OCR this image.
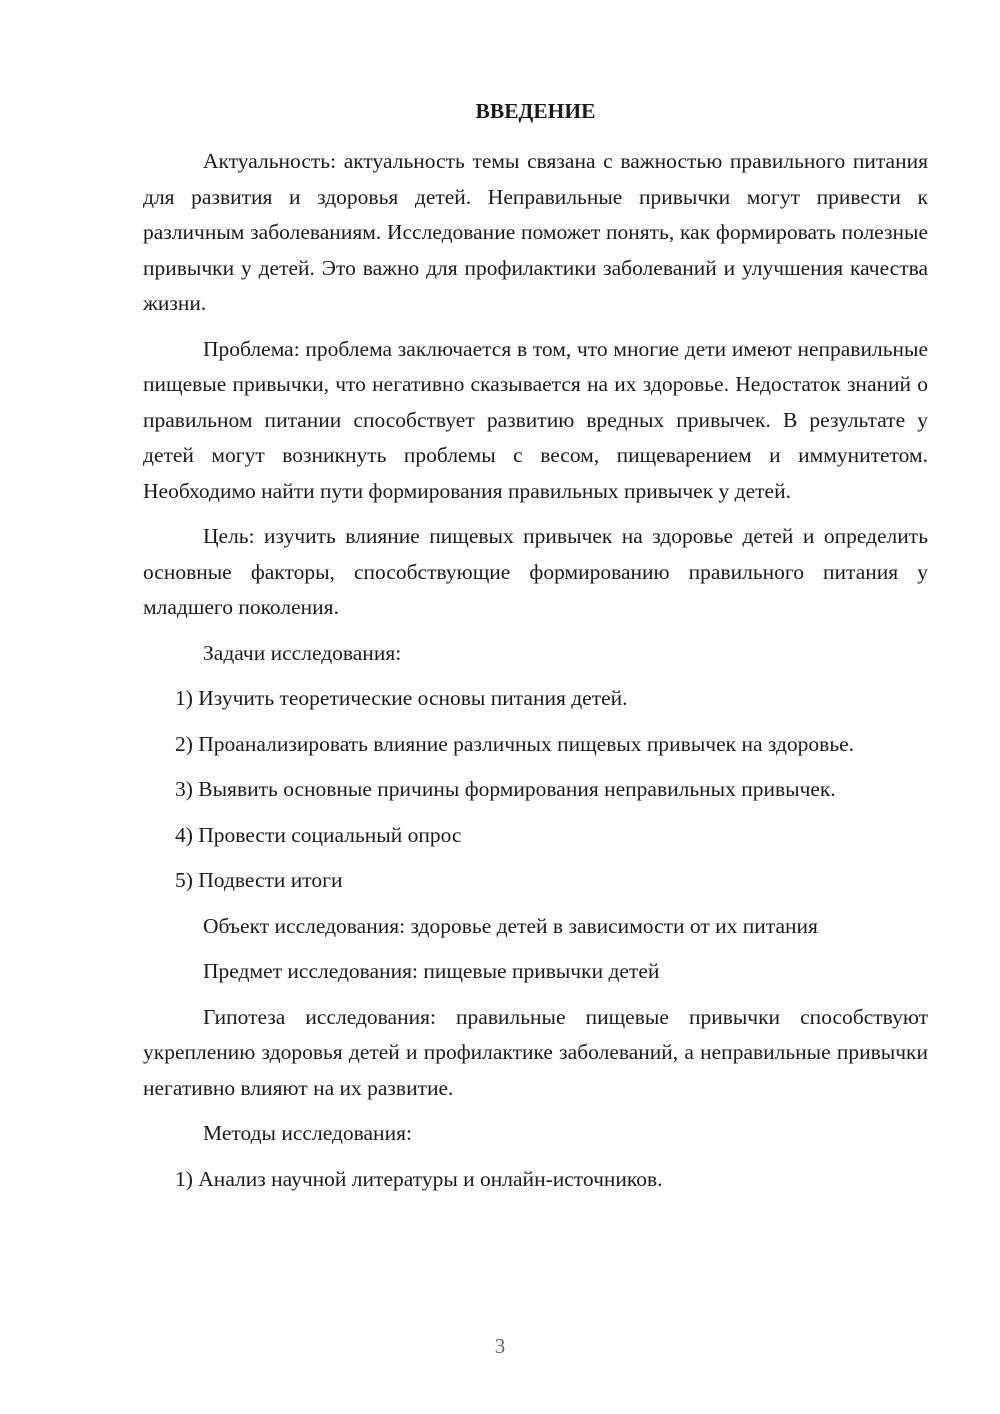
ВВЕДЕНИЕ

Актуальность: актуальность темы связана с важностью правильного питания для развития и здоровья детей. Неправильные привычки могут привести к различным заболеваниям. Исследование поможет понять, как формировать полезные привычки у детей. Это важно для профилактики заболеваний и улучшения качества жизни.

Проблема: проблема заключается в том, что многие дети имеют неправильные пищевые привычки, что негативно сказывается на их здоровье. Недостаток знаний о правильном питании способствует развитию вредных привычек. В результате у детей могут возникнуть проблемы с весом, пищеварением и иммунитетом. Необходимо найти пути формирования правильных привычек у детей.

Цель: изучить влияние пищевых привычек на здоровье детей и определить основные факторы, способствующие формированию правильного питания у младшего поколения.

Задачи исследования:

1) Изучить теоретические основы питания детей.

2) Проанализировать влияние различных пищевых привычек на здоровье.

3) Выявить основные причины формирования неправильных привычек.

4) Провести социальный опрос

5) Подвести итоги

Объект исследования: здоровье детей в зависимости от их питания

Предмет исследования: пищевые привычки детей

Гипотеза исследования: правильные пищевые привычки способствуют укреплению здоровья детей и профилактике заболеваний, а неправильные привычки негативно влияют на их развитие.

Методы исследования:

1) Анализ научной литературы и онлайн-источников.

3
